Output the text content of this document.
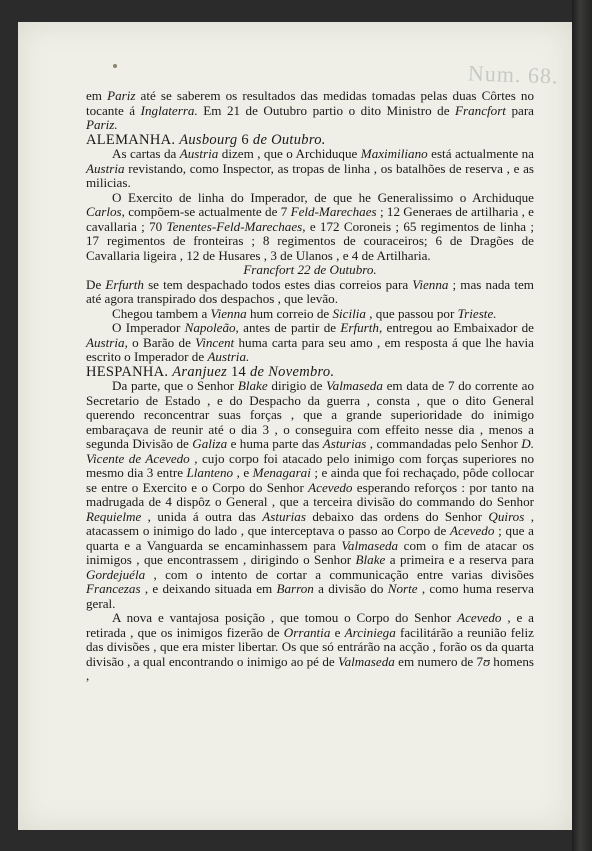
Num. 68.

em Pariz até se saberem os resultados das medidas tomadas pelas duas Côrtes no tocante á Inglaterra. Em 21 de Outubro partio o dito Ministro de Francfort para Pariz.

ALEMANHA. Ausbourg 6 de Outubro.

As cartas da Austria dizem , que o Archiduque Maximiliano está actualmente na Austria revistando, como Inspector, as tropas de linha , os batalhões de reserva , e as milicias.

O Exercito de linha do Imperador, de que he Generalissimo o Archiduque Carlos, compõem-se actualmente de 7 Feld-Marechaes ; 12 Generaes de artilharia , e cavallaria ; 70 Tenentes-Feld-Marechaes, e 172 Coroneis ; 65 regimentos de linha ; 17 regimentos de fronteiras ; 8 regimentos de couraceiros; 6 de Dragões de Cavallaria ligeira , 12 de Husares , 3 de Ulanos , e 4 de Artilharia.

Francfort 22 de Outubro.

De Erfurth se tem despachado todos estes dias correios para Vienna ; mas nada tem até agora transpirado dos despachos , que levão.

Chegou tambem a Vienna hum correio de Sicilia , que passou por Trieste.

O Imperador Napoleão, antes de partir de Erfurth, entregou ao Embaixador de Austria, o Barão de Vincent huma carta para seu amo , em resposta á que lhe havia escrito o Imperador de Austria.

HESPANHA. Aranjuez 14 de Novembro.

Da parte, que o Senhor Blake dirigio de Valmaseda em data de 7 do corrente ao Secretario de Estado , e do Despacho da guerra , consta , que o dito General querendo reconcentrar suas forças , que a grande superioridade do inimigo embaraçava de reunir até o dia 3 , o conseguira com effeito nesse dia , menos a segunda Divisão de Galiza e huma parte das Asturias , commandadas pelo Senhor D. Vicente de Acevedo , cujo corpo foi atacado pelo inimigo com forças superiores no mesmo dia 3 entre Llanteno , e Menagarai ; e ainda que foi rechaçado, pôde collocar se entre o Exercito e o Corpo do Senhor Acevedo esperando reforços : por tanto na madrugada de 4 dispôz o General , que a terceira divisão do commando do Senhor Requielme , unida á outra das Asturias debaixo das ordens do Senhor Quiros , atacassem o inimigo do lado , que interceptava o passo ao Corpo de Acevedo ; que a quarta e a Vanguarda se encaminhassem para Valmaseda com o fim de atacar os inimigos , que encontrassem , dirigindo o Senhor Blake a primeira e a reserva para Gordejuéla , com o intento de cortar a communicação entre varias divisões Francezas , e deixando situada em Barron a divisão do Norte , como huma reserva geral.

A nova e vantajosa posição , que tomou o Corpo do Senhor Acevedo , e a retirada , que os inimigos fizerão de Orrantia e Arciniega facilitárão a reunião feliz das divisões , que era mister libertar. Os que só entrárão na acção , forão os da quarta divisão , a qual encontrando o inimigo ao pé de Valmaseda em numero de 7ʊ homens ,
